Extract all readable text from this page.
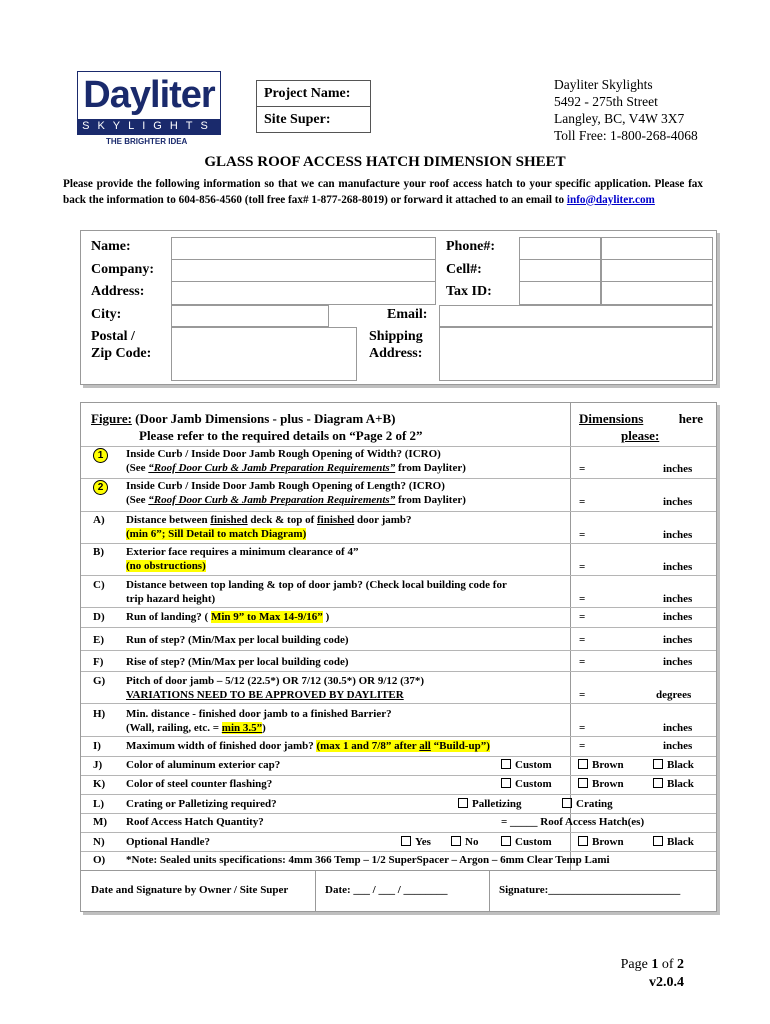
Dayliter
SKYLIGHTS
THE BRIGHTER IDEA
Project Name:
Site Super:
Dayliter Skylights
5492 - 275th Street
Langley, BC, V4W 3X7
Toll Free: 1-800-268-4068
GLASS ROOF ACCESS HATCH DIMENSION SHEET
Please provide the following information so that we can manufacture your roof access hatch to your specific application. Please fax back the information to 604-856-4560 (toll free fax# 1-877-268-8019) or forward it attached to an email to info@dayliter.com
Name:
Company:
Address:
City:
Postal /
Zip Code:
Phone#:
Cell#:
Tax ID:
Email:
Shipping
Address:
Figure: (Door Jamb Dimensions - plus - Diagram A+B)
Please refer to the required details on “Page 2 of 2”
Dimensions	here
please:
1	Inside Curb / Inside Door Jamb Rough Opening of Width? (ICRO)
(See “Roof Door Curb & Jamb Preparation Requirements” from Dayliter)	=	inches
2	Inside Curb / Inside Door Jamb Rough Opening of Length? (ICRO)
(See “Roof Door Curb & Jamb Preparation Requirements” from Dayliter)	=	inches
A) Distance between finished deck & top of finished door jamb?
(min 6”; Sill Detail to match Diagram)	=	inches
B) Exterior face requires a minimum clearance of 4”
(no obstructions)	=	inches
C) Distance between top landing & top of door jamb? (Check local building code for
trip hazard height)	=	inches
D) Run of landing? ( Min 9” to Max 14-9/16” )	=	inches
E) Run of step? (Min/Max per local building code)	=	inches
F) Rise of step? (Min/Max per local building code)	=	inches
G) Pitch of door jamb – 5/12 (22.5*) OR 7/12 (30.5*) OR 9/12 (37*)
VARIATIONS NEED TO BE APPROVED BY DAYLITER	=	degrees
H) Min. distance - finished door jamb to a finished Barrier?
(Wall, railing, etc. = min 3.5”)	=	inches
I) Maximum width of finished door jamb? (max 1 and 7/8” after all “Build-up”)	=	inches
J) Color of aluminum exterior cap?	Custom	Brown	Black
K) Color of steel counter flashing?	Custom	Brown	Black
L) Crating or Palletizing required?	Palletizing	Crating
M) Roof Access Hatch Quantity?	= _____ Roof Access Hatch(es)
N) Optional Handle?	Yes	No	Custom	Brown	Black
O) *Note: Sealed units specifications: 4mm 366 Temp – 1/2 SuperSpacer – Argon – 6mm Clear Temp Lami
Date and Signature by Owner / Site Super	Date: ___ / ___ / ________	Signature:________________________
Page 1 of 2
v2.0.4
